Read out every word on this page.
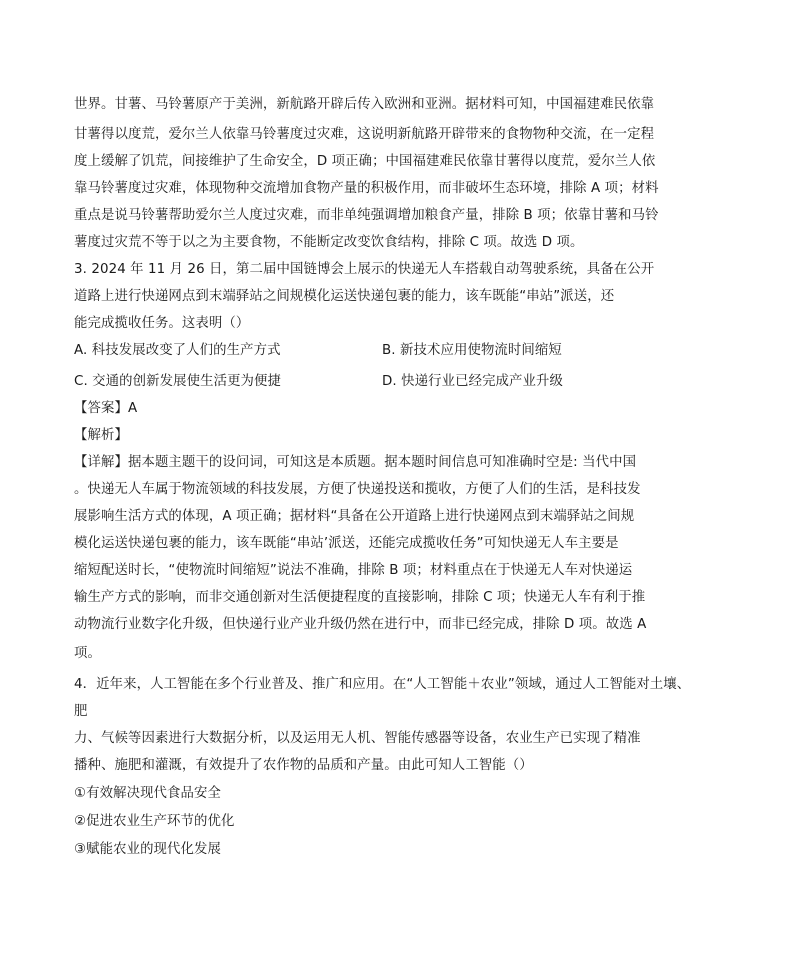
世界。甘薯、马铃薯原产于美洲，新航路开辟后传入欧洲和亚洲。据材料可知，中国福建难民依靠
甘薯得以度荒，爱尔兰人依靠马铃薯度过灾难，这说明新航路开辟带来的食物物种交流，在一定程
度上缓解了饥荒，间接维护了生命安全，D 项正确；中国福建难民依靠甘薯得以度荒，爱尔兰人依
靠马铃薯度过灾难，体现物种交流增加食物产量的积极作用，而非破坏生态环境，排除 A 项；材料
重点是说马铃薯帮助爱尔兰人度过灾难，而非单纯强调增加粮食产量，排除 B 项；依靠甘薯和马铃
薯度过灾荒不等于以之为主要食物，不能断定改变饮食结构，排除 C 项。故选 D 项。
3. 2024 年 11 月 26 日，第二届中国链博会上展示的快递无人车搭载自动驾驶系统，具备在公开
道路上进行快递网点到末端驿站之间规模化运送快递包裹的能力，该车既能“串站”派送，还
能完成揽收任务。这表明（）
A. 科技发展改变了人们的生产方式	B. 新技术应用使物流时间缩短
C. 交通的创新发展使生活更为便捷	D. 快递行业已经完成产业升级
【答案】A
【解析】
【详解】据本题主题干的设问词，可知这是本质题。据本题时间信息可知准确时空是: 当代中国
。快递无人车属于物流领域的科技发展，方便了快递投送和揽收，方便了人们的生活，是科技发
展影响生活方式的体现，A 项正确；据材料“具备在公开道路上进行快递网点到末端驿站之间规
模化运送快递包裹的能力，该车既能“串站’派送，还能完成揽收任务”可知快递无人车主要是
缩短配送时长，“使物流时间缩短”说法不准确，排除 B 项；材料重点在于快递无人车对快递运
输生产方式的影响，而非交通创新对生活便捷程度的直接影响，排除 C 项；快递无人车有利于推
动物流行业数字化升级，但快递行业产业升级仍然在进行中，而非已经完成，排除 D 项。故选 A
项。
4．近年来，人工智能在多个行业普及、推广和应用。在“人工智能＋农业”领域，通过人工智能对土壤、
肥
力、气候等因素进行大数据分析，以及运用无人机、智能传感器等设备，农业生产已实现了精准
播种、施肥和灌溉，有效提升了农作物的品质和产量。由此可知人工智能（）
①有效解决现代食品安全
②促进农业生产环节的优化
③赋能农业的现代化发展
